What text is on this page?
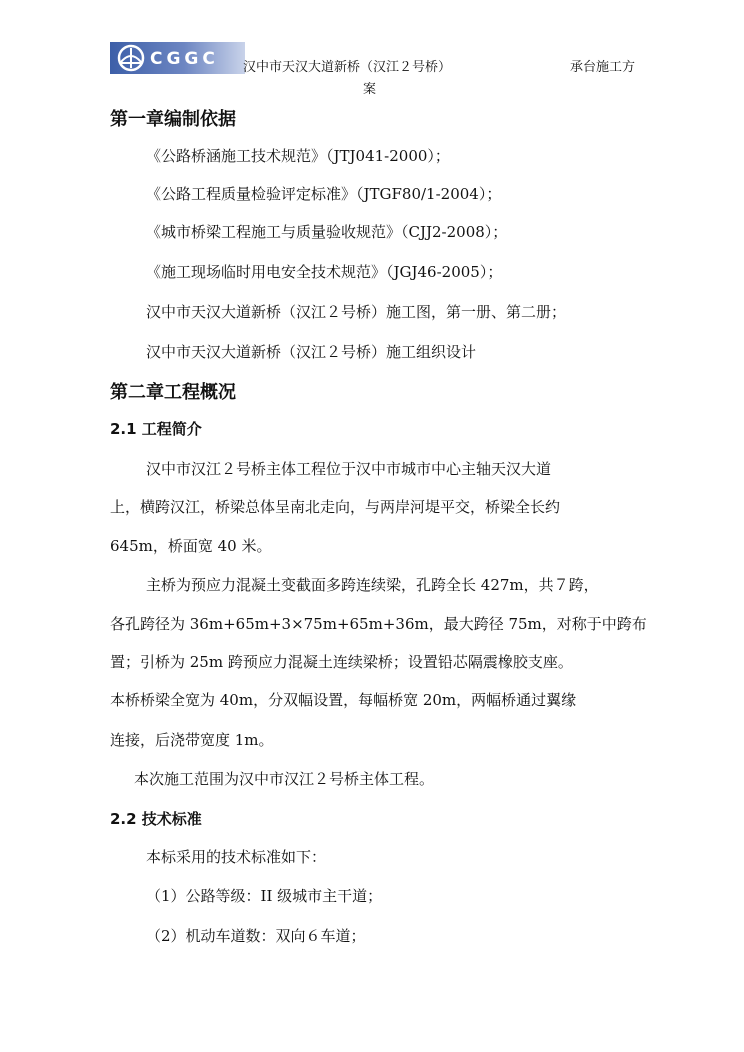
CGGC 汉中市天汉大道新桥（汉江２号桥）	承台施工方
案
第一章编制依据
《公路桥涵施工技术规范》（JTJ041-2000）；
《公路工程质量检验评定标准》（JTGF80/1-2004）；
《城市桥梁工程施工与质量验收规范》（CJJ2-2008）；
《施工现场临时用电安全技术规范》（JGJ46-2005）；
汉中市天汉大道新桥（汉江２号桥）施工图，第一册、第二册；
汉中市天汉大道新桥（汉江２号桥）施工组织设计
第二章工程概况
2.1 工程简介
汉中市汉江２号桥主体工程位于汉中市城市中心主轴天汉大道
上，横跨汉江，桥梁总体呈南北走向，与两岸河堤平交，桥梁全长约
645m，桥面宽 40 米。
主桥为预应力混凝土变截面多跨连续梁，孔跨全长 427m，共７跨，
各孔跨径为 36m+65m+3×75m+65m+36m，最大跨径 75m，对称于中跨布
置；引桥为 25m 跨预应力混凝土连续梁桥；设置铅芯隔震橡胶支座。
本桥桥梁全宽为 40m，分双幅设置，每幅桥宽 20m，两幅桥通过翼缘
连接，后浇带宽度 1m。
本次施工范围为汉中市汉江２号桥主体工程。
2.2 技术标准
本标采用的技术标准如下：
（1）公路等级：II 级城市主干道；
（2）机动车道数：双向６车道；
